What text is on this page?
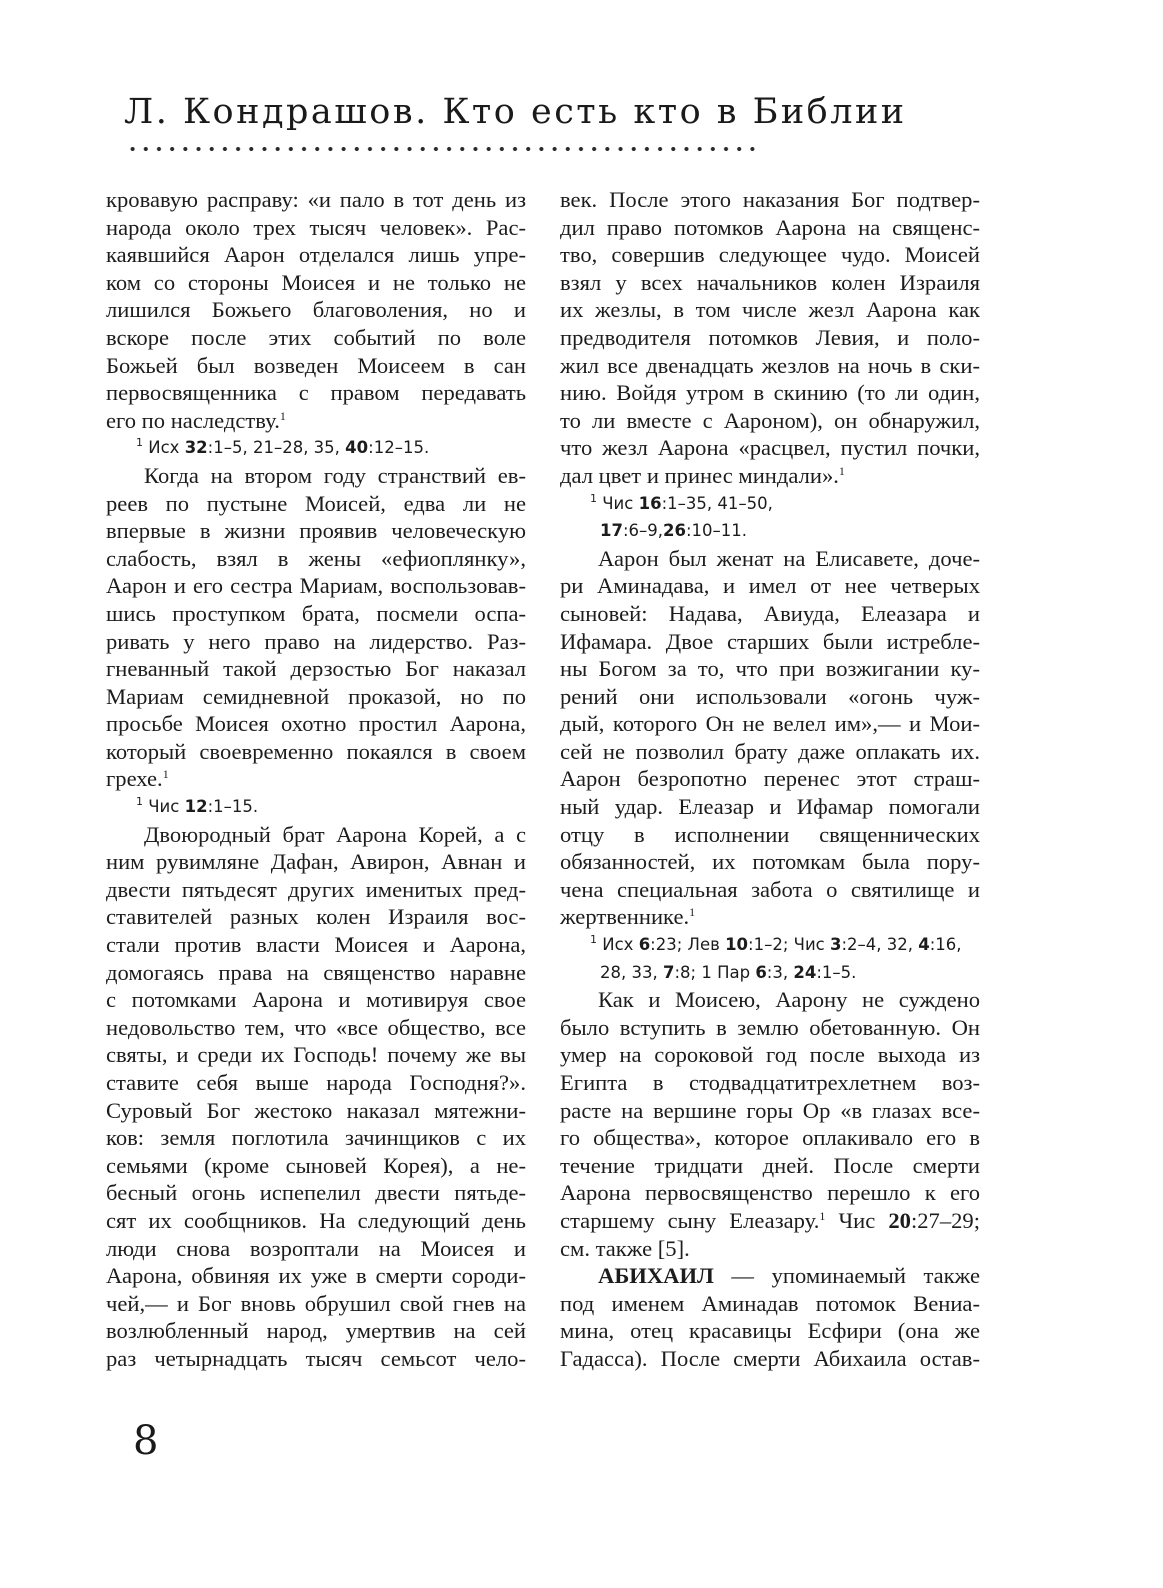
Л. Кондрашов. Кто есть кто в Библии
кровавую расправу: «и пало в тот день из
народа около трех тысяч человек». Рас-
каявшийся Аарон отделался лишь упре-
ком со стороны Моисея и не только не
лишился Божьего благоволения, но и
вскоре после этих событий по воле
Божьей был возведен Моисеем в сан
первосвященника с правом передавать
его по наследству.$^1$
$^1$ Исх 32:1–5, 21–28, 35, 40:12–15.
Когда на втором году странствий ев-
реев по пустыне Моисей, едва ли не
впервые в жизни проявив человеческую
слабость, взял в жены «ефиоплянку»,
Аарон и его сестра Мариам, воспользовав-
шись проступком брата, посмели оспа-
ривать у него право на лидерство. Раз-
гневанный такой дерзостью Бог наказал
Мариам семидневной проказой, но по
просьбе Моисея охотно простил Аарона,
который своевременно покаялся в своем
грехе.$^1$
$^1$ Чис 12:1–15.
Двоюродный брат Аарона Корей, а с
ним рувимляне Дафан, Авирон, Авнан и
двести пятьдесят других именитых пред-
ставителей разных колен Израиля вос-
стали против власти Моисея и Аарона,
домогаясь права на священство наравне
с потомками Аарона и мотивируя свое
недовольство тем, что «все общество, все
святы, и среди их Господь! почему же вы
ставите себя выше народа Господня?».
Суровый Бог жестоко наказал мятежни-
ков: земля поглотила зачинщиков с их
семьями (кроме сыновей Корея), а не-
бесный огонь испепелил двести пятьде-
сят их сообщников. На следующий день
люди снова возроптали на Моисея и
Аарона, обвиняя их уже в смерти сороди-
чей,— и Бог вновь обрушил свой гнев на
возлюбленный народ, умертвив на сей
раз четырнадцать тысяч семьсот чело-
век. После этого наказания Бог подтвер-
дил право потомков Аарона на священс-
тво, совершив следующее чудо. Моисей
взял у всех начальников колен Израиля
их жезлы, в том числе жезл Аарона как
предводителя потомков Левия, и поло-
жил все двенадцать жезлов на ночь в ски-
нию. Войдя утром в скинию (то ли один,
то ли вместе с Аароном), он обнаружил,
что жезл Аарона «расцвел, пустил почки,
дал цвет и принес миндали».$^1$
$^1$ Чис 16:1–35, 41–50,
17:6–9,26:10–11.
Аарон был женат на Елисавете, доче-
ри Аминадава, и имел от нее четверых
сыновей: Надава, Авиуда, Елеазара и
Ифамара. Двое старших были истребле-
ны Богом за то, что при возжигании ку-
рений они использовали «огонь чуж-
дый, которого Он не велел им»,— и Мои-
сей не позволил брату даже оплакать их.
Аарон безропотно перенес этот страш-
ный удар. Елеазар и Ифамар помогали
отцу в исполнении священнических
обязанностей, их потомкам была пору-
чена специальная забота о святилище и
жертвеннике.$^1$
$^1$ Исх 6:23; Лев 10:1–2; Чис 3:2–4, 32, 4:16,
28, 33, 7:8; 1 Пар 6:3, 24:1–5.
Как и Моисею, Аарону не суждено
было вступить в землю обетованную. Он
умер на сороковой год после выхода из
Египта в стодвадцатитрехлетнем воз-
расте на вершине горы Ор «в глазах все-
го общества», которое оплакивало его в
течение тридцати дней. После смерти
Аарона первосвященство перешло к его
старшему сыну Елеазару.$^1$ Чис 20:27–29;
см. также [5].
АБИХАИЛ — упоминаемый также
под именем Аминадав потомок Вениа-
мина, отец красавицы Есфири (она же
Гадасса). После смерти Абихаила остав-
8
